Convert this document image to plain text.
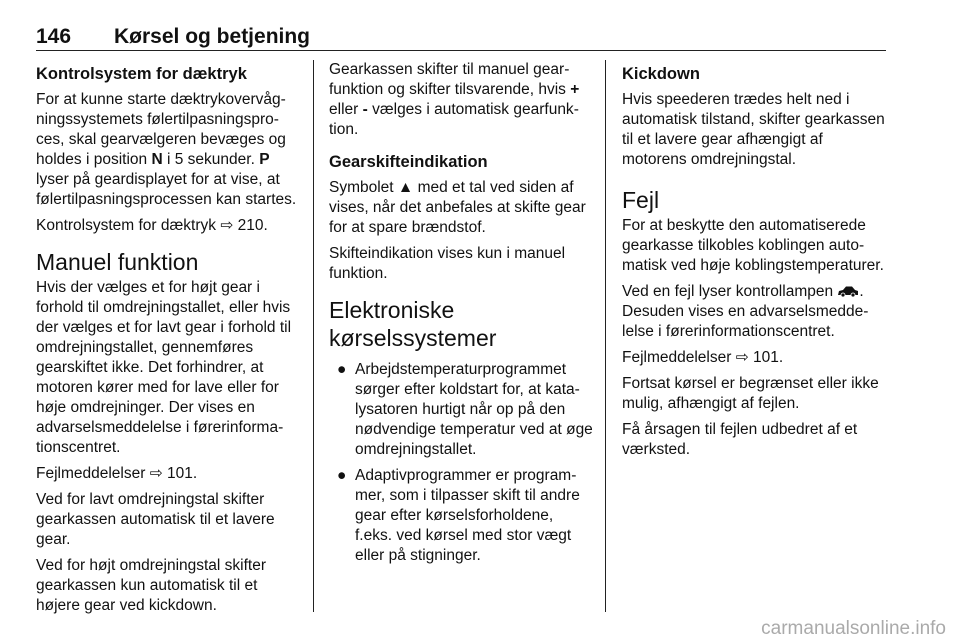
146 Kørsel og betjening
Kontrolsystem for dæktryk

For at kunne starte dæktrykovervågningssystemets følertilpasningsproces, skal gearvælgeren bevæges og holdes i position N i 5 sekunder. P lyser på geardisplayet for at vise, at følertilpasningsprocessen kan startes.

Kontrolsystem for dæktryk ⇨ 210.

Manuel funktion

Hvis der vælges et for højt gear i forhold til omdrejningstallet, eller hvis der vælges et for lavt gear i forhold til omdrejningstallet, gennemføres gearskiftet ikke. Det forhindrer, at motoren kører med for lave eller for høje omdrejninger. Der vises en advarselsmeddelelse i førerinformationscentret.

Fejlmeddelelser ⇨ 101.

Ved for lavt omdrejningstal skifter gearkassen automatisk til et lavere gear.

Ved for højt omdrejningstal skifter gearkassen kun automatisk til et højere gear ved kickdown.

Gearkassen skifter til manuel gearfunktion og skifter tilsvarende, hvis + eller - vælges i automatisk gearfunktion.

Gearskifteindikation

Symbolet ▲ med et tal ved siden af vises, når det anbefales at skifte gear for at spare brændstof.

Skifteindikation vises kun i manuel funktion.

Elektroniske kørselssystemer
● Arbejdstemperaturprogrammet sørger efter koldstart for, at katalysatoren hurtigt når op på den nødvendige temperatur ved at øge omdrejningstallet.
● Adaptivprogrammer er programmer, som i tilpasser skift til andre gear efter kørselsforholdene, f.eks. ved kørsel med stor vægt eller på stigninger.
Kickdown

Hvis speederen trædes helt ned i automatisk tilstand, skifter gearkassen til et lavere gear afhængigt af motorens omdrejningstal.

Fejl

For at beskytte den automatiserede gearkasse tilkobles koblingen automatisk ved høje koblingstemperaturer.

Ved en fejl lyser kontrollampen . Desuden vises en advarselsmeddelelse i førerinformationscentret.

Fejlmeddelelser ⇨ 101.

Fortsat kørsel er begrænset eller ikke mulig, afhængigt af fejlen.

Få årsagen til fejlen udbedret af et værksted.

carmanualsonline.info
